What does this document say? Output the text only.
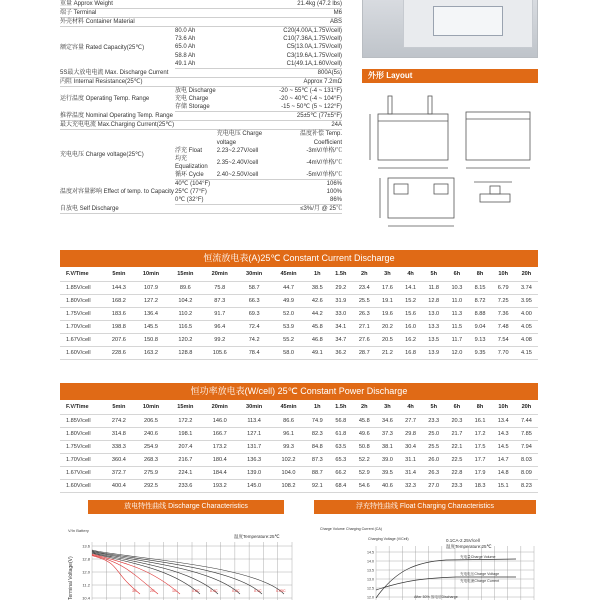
重量 Approx Weight			21.4kg (47.2 lbs)
端子 Terminal			M6
外壳材料 Container Material			ABS
额定容量 Rated Capacity(25℃)	80.0 Ah		C20(4.00A,1.75V/cell)
	73.6 Ah		C10(7.36A,1.75V/cell)
	65.0 Ah		C5(13.0A,1.75V/cell)
	58.8 Ah		C3(19.6A,1.75V/cell)
	49.1 Ah		C1(49.1A,1.60V/cell)
5S最大放电电流 Max. Discharge Current			800A(5s)
内阻 Internal Resistance(25℃)			Approx 7.2mΩ
运行温度 Operating Temp. Range	放电 Discharge		-20 ~ 55℃ (-4 ~ 131°F)
	充电 Charge		-20 ~ 40℃ (-4 ~ 104°F)
	存储 Storage		-15 ~ 50℃ (5 ~ 122°F)
推荐温度 Nominal Operating Temp. Range			25±5℃ (77±5°F)
最大充电电流 Max.Charging Current(25℃)			24A
充电电压 Charge voltage(25℃)		充电电压 Charge voltage	温度补偿 Temp. Coefficient
	浮充 Float	2.23~2.27V/cell	-3mV/单格/℃
	均充 Equalization	2.35~2.40V/cell	-4mV/单格/℃
	循环 Cycle	2.40~2.50V/cell	-5mV/单格/℃
温度对容量影响 Effect of temp. to Capacity	40℃ (104°F)		106%
	25℃ (77°F)		100%
	0℃ (32°F)		86%
自放电 Self Discharge			≤3%/月 @ 25℃
外形 Layout
恒流放电表(A)25℃ Constant Current Discharge
F.V/Time	5min	10min	15min	20min	30min	45min	1h	1.5h	2h	3h	4h	5h	6h	8h	10h	20h
1.85V/cell	144.3	107.9	89.6	75.8	58.7	44.7	38.5	29.2	23.4	17.6	14.1	11.8	10.3	8.15	6.79	3.74
1.80V/cell	168.2	127.2	104.2	87.3	66.3	49.9	42.6	31.9	25.5	19.1	15.2	12.8	11.0	8.72	7.25	3.95
1.75V/cell	183.6	136.4	110.2	91.7	69.3	52.0	44.2	33.0	26.3	19.6	15.6	13.0	11.3	8.88	7.36	4.00
1.70V/cell	198.8	145.5	116.5	96.4	72.4	53.9	45.8	34.1	27.1	20.2	16.0	13.3	11.5	9.04	7.48	4.05
1.67V/cell	207.6	150.8	120.2	99.2	74.2	55.2	46.8	34.7	27.6	20.5	16.2	13.5	11.7	9.13	7.54	4.08
1.60V/cell	228.6	163.2	128.8	105.6	78.4	58.0	49.1	36.2	28.7	21.2	16.8	13.9	12.0	9.35	7.70	4.15
恒功率放电表(W/cell) 25℃ Constant Power Discharge
F.V/Time	5min	10min	15min	20min	30min	45min	1h	1.5h	2h	3h	4h	5h	6h	8h	10h	20h
1.85V/cell	274.2	206.5	172.2	146.0	113.4	86.6	74.9	56.8	45.8	34.6	27.7	23.3	20.3	16.1	13.4	7.44
1.80V/cell	314.8	240.6	198.1	166.7	127.1	96.1	82.3	61.8	49.6	37.3	29.8	25.0	21.7	17.2	14.3	7.85
1.75V/cell	338.3	254.9	207.4	173.2	131.7	99.3	84.8	63.5	50.8	38.1	30.4	25.5	22.1	17.5	14.5	7.94
1.70V/cell	360.4	268.3	216.7	180.4	136.3	102.2	87.3	65.3	52.2	39.0	31.1	26.0	22.5	17.7	14.7	8.03
1.67V/cell	372.7	275.9	224.1	184.4	139.0	104.0	88.7	66.2	52.9	39.5	31.4	26.3	22.8	17.9	14.8	8.09
1.60V/cell	400.4	292.5	233.6	193.2	145.0	108.2	92.1	68.4	54.6	40.6	32.3	27.0	23.3	18.3	15.1	8.23
放电特性曲线 Discharge Characteristics	浮充特性曲线 Float Charging Characteristics
V/In Battery
温度Temperature:25℃
Terminal Voltage(V)
13.6
12.8
12.0
11.2
10.4
0.05C
0.1C
0.2C
0.4C
0.6C
1C
2C
3C
Charge Volume Charging Current (CA)
Charging Voltage (V/Cell)	0.1CA-2.25V/cell
温度Temperature:25℃
14.5
14.0
13.5
13.0
12.5
12.0
充电量Charge Volume
充电电压Charge Voltage
充电电流Charge Current
After 50% 放电后Discharge
